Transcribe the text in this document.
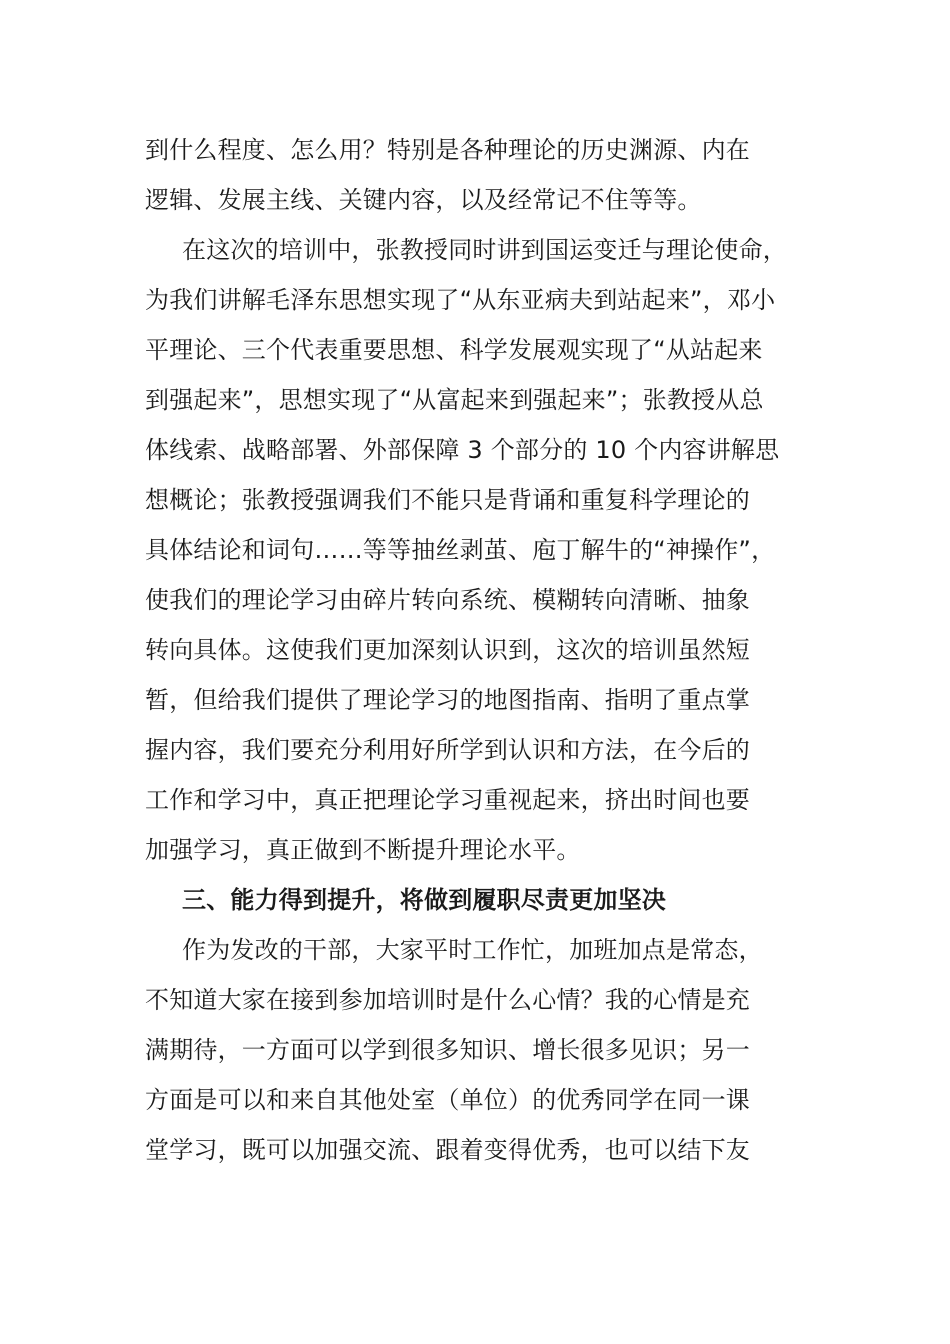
到什么程度、怎么用？特别是各种理论的历史渊源、内在
逻辑、发展主线、关键内容，以及经常记不住等等。
在这次的培训中，张教授同时讲到国运变迁与理论使命，
为我们讲解毛泽东思想实现了“从东亚病夫到站起来”，邓小
平理论、三个代表重要思想、科学发展观实现了“从站起来
到强起来”，思想实现了“从富起来到强起来”；张教授从总
体线索、战略部署、外部保障 3 个部分的 10 个内容讲解思
想概论；张教授强调我们不能只是背诵和重复科学理论的
具体结论和词句……等等抽丝剥茧、庖丁解牛的“神操作”，
使我们的理论学习由碎片转向系统、模糊转向清晰、抽象
转向具体。这使我们更加深刻认识到，这次的培训虽然短
暂，但给我们提供了理论学习的地图指南、指明了重点掌
握内容，我们要充分利用好所学到认识和方法，在今后的
工作和学习中，真正把理论学习重视起来，挤出时间也要
加强学习，真正做到不断提升理论水平。
三、能力得到提升，将做到履职尽责更加坚决
作为发改的干部，大家平时工作忙，加班加点是常态，
不知道大家在接到参加培训时是什么心情？我的心情是充
满期待，一方面可以学到很多知识、增长很多见识；另一
方面是可以和来自其他处室（单位）的优秀同学在同一课
堂学习，既可以加强交流、跟着变得优秀，也可以结下友
